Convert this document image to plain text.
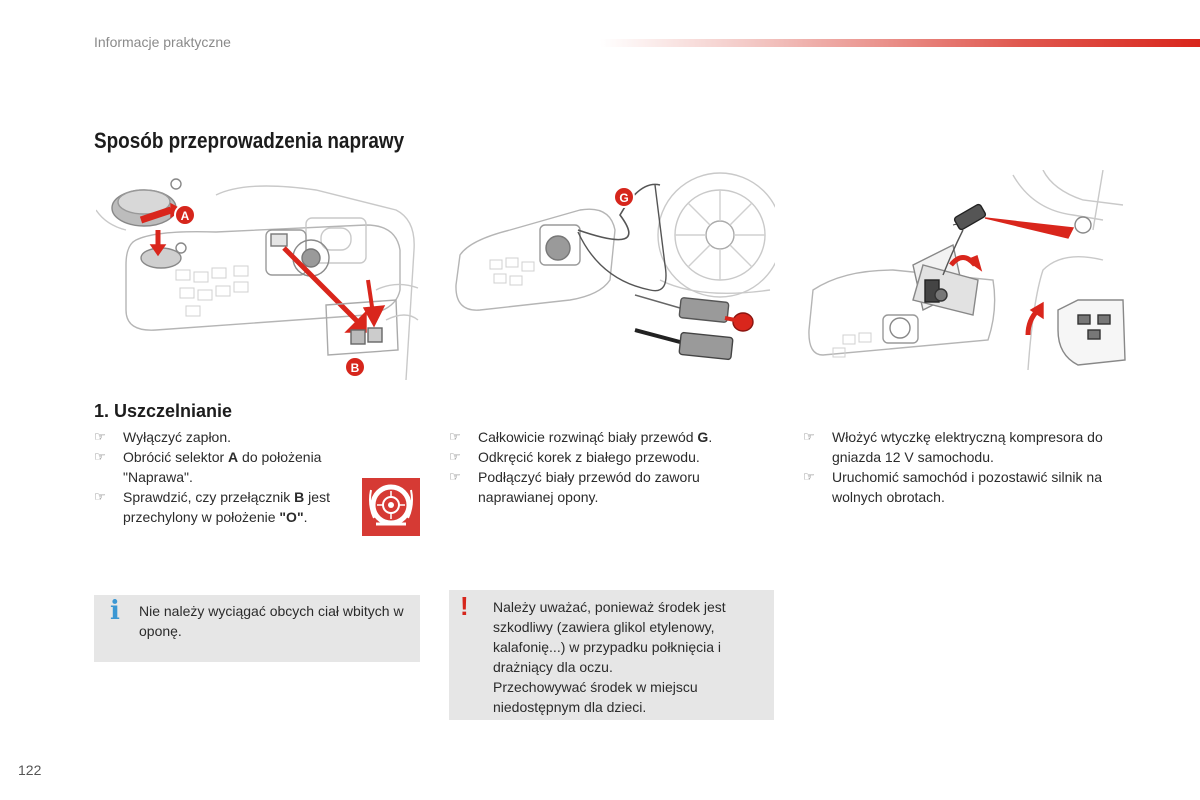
Informacje praktyczne
Sposób przeprowadzenia naprawy
A
B
G
1. Uszczelnianie
☞ Wyłączyć zapłon.
☞ Obrócić selektor A do położenia "Naprawa".
☞ Sprawdzić, czy przełącznik B jest przechylony w położenie "O".
☞ Całkowicie rozwinąć biały przewód G.
☞ Odkręcić korek z białego przewodu.
☞ Podłączyć biały przewód do zaworu naprawianej opony.
☞ Włożyć wtyczkę elektryczną kompresora do gniazda 12 V samochodu.
☞ Uruchomić samochód i pozostawić silnik na wolnych obrotach.
i Nie należy wyciągać obcych ciał wbitych w oponę.
! Należy uważać, ponieważ środek jest szkodliwy (zawiera glikol etylenowy, kalafonię...) w przypadku połknięcia i drażniący dla oczu.
Przechowywać środek w miejscu niedostępnym dla dzieci.
122
